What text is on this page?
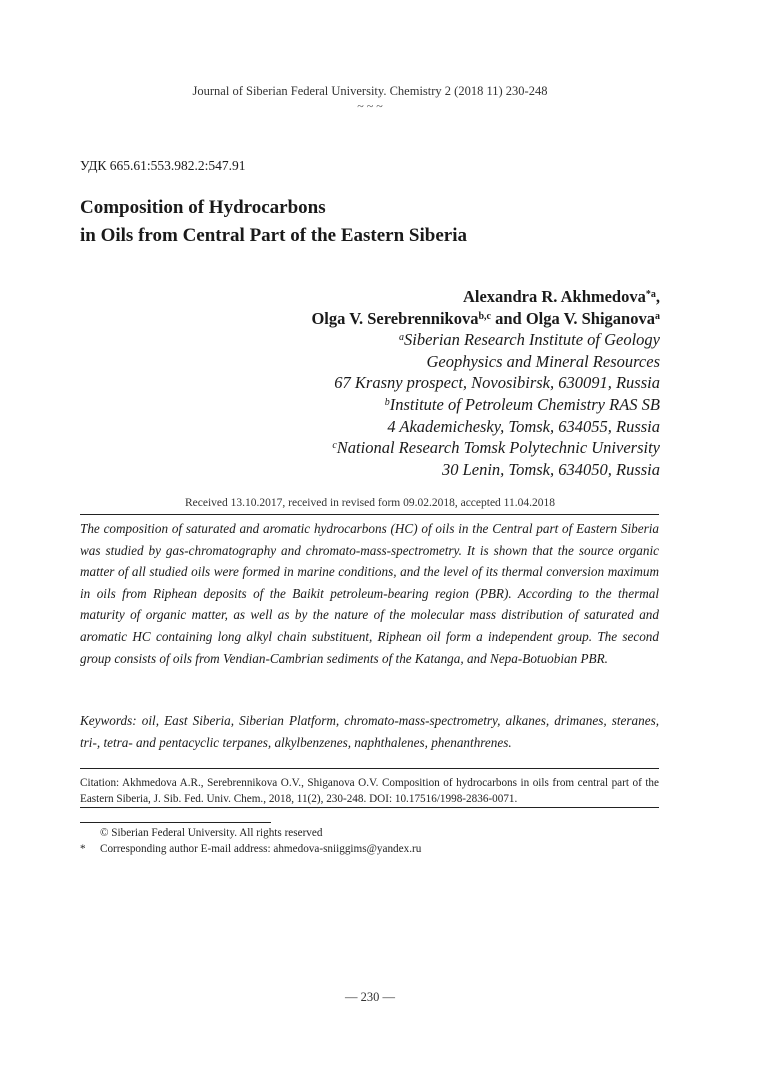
Journal of Siberian Federal University. Chemistry 2 (2018 11) 230-248
~ ~ ~
УДК 665.61:553.982.2:547.91
Composition of Hydrocarbons
in Oils from Central Part of the Eastern Siberia
Alexandra R. Akhmedova$^{*a}$,
Olga V. Serebrennikova$^{b,c}$ and Olga V. Shiganova$^a$
$^a$Siberian Research Institute of Geology
Geophysics and Mineral Resources
67 Krasny prospect, Novosibirsk, 630091, Russia
$^b$Institute of Petroleum Chemistry RAS SB
4 Akademichesky, Tomsk, 634055, Russia
$^c$National Research Tomsk Polytechnic University
30 Lenin, Tomsk, 634050, Russia
Received 13.10.2017, received in revised form 09.02.2018, accepted 11.04.2018

The composition of saturated and aromatic hydrocarbons (HC) of oils in the Central part of Eastern Siberia was studied by gas-chromatography and chromato-mass-spectrometry. It is shown that the source organic matter of all studied oils were formed in marine conditions, and the level of its thermal conversion maximum in oils from Riphean deposits of the Baikit petroleum-bearing region (PBR). According to the thermal maturity of organic matter, as well as by the nature of the molecular mass distribution of saturated and aromatic HC containing long alkyl chain substituent, Riphean oil form a independent group. The second group consists of oils from Vendian-Cambrian sediments of the Katanga, and Nepa-Botuobian PBR.

Keywords: oil, East Siberia, Siberian Platform, chromato-mass-spectrometry, alkanes, drimanes, steranes, tri-, tetra- and pentacyclic terpanes, alkylbenzenes, naphthalenes, phenanthrenes.

Citation: Akhmedova A.R., Serebrennikova O.V., Shiganova O.V. Composition of hydrocarbons in oils from central part of the Eastern Siberia, J. Sib. Fed. Univ. Chem., 2018, 11(2), 230-248. DOI: 10.17516/1998-2836-0071.

© Siberian Federal University. All rights reserved
*	Corresponding author E-mail address: ahmedova-sniiggims@yandex.ru
— 230 —
